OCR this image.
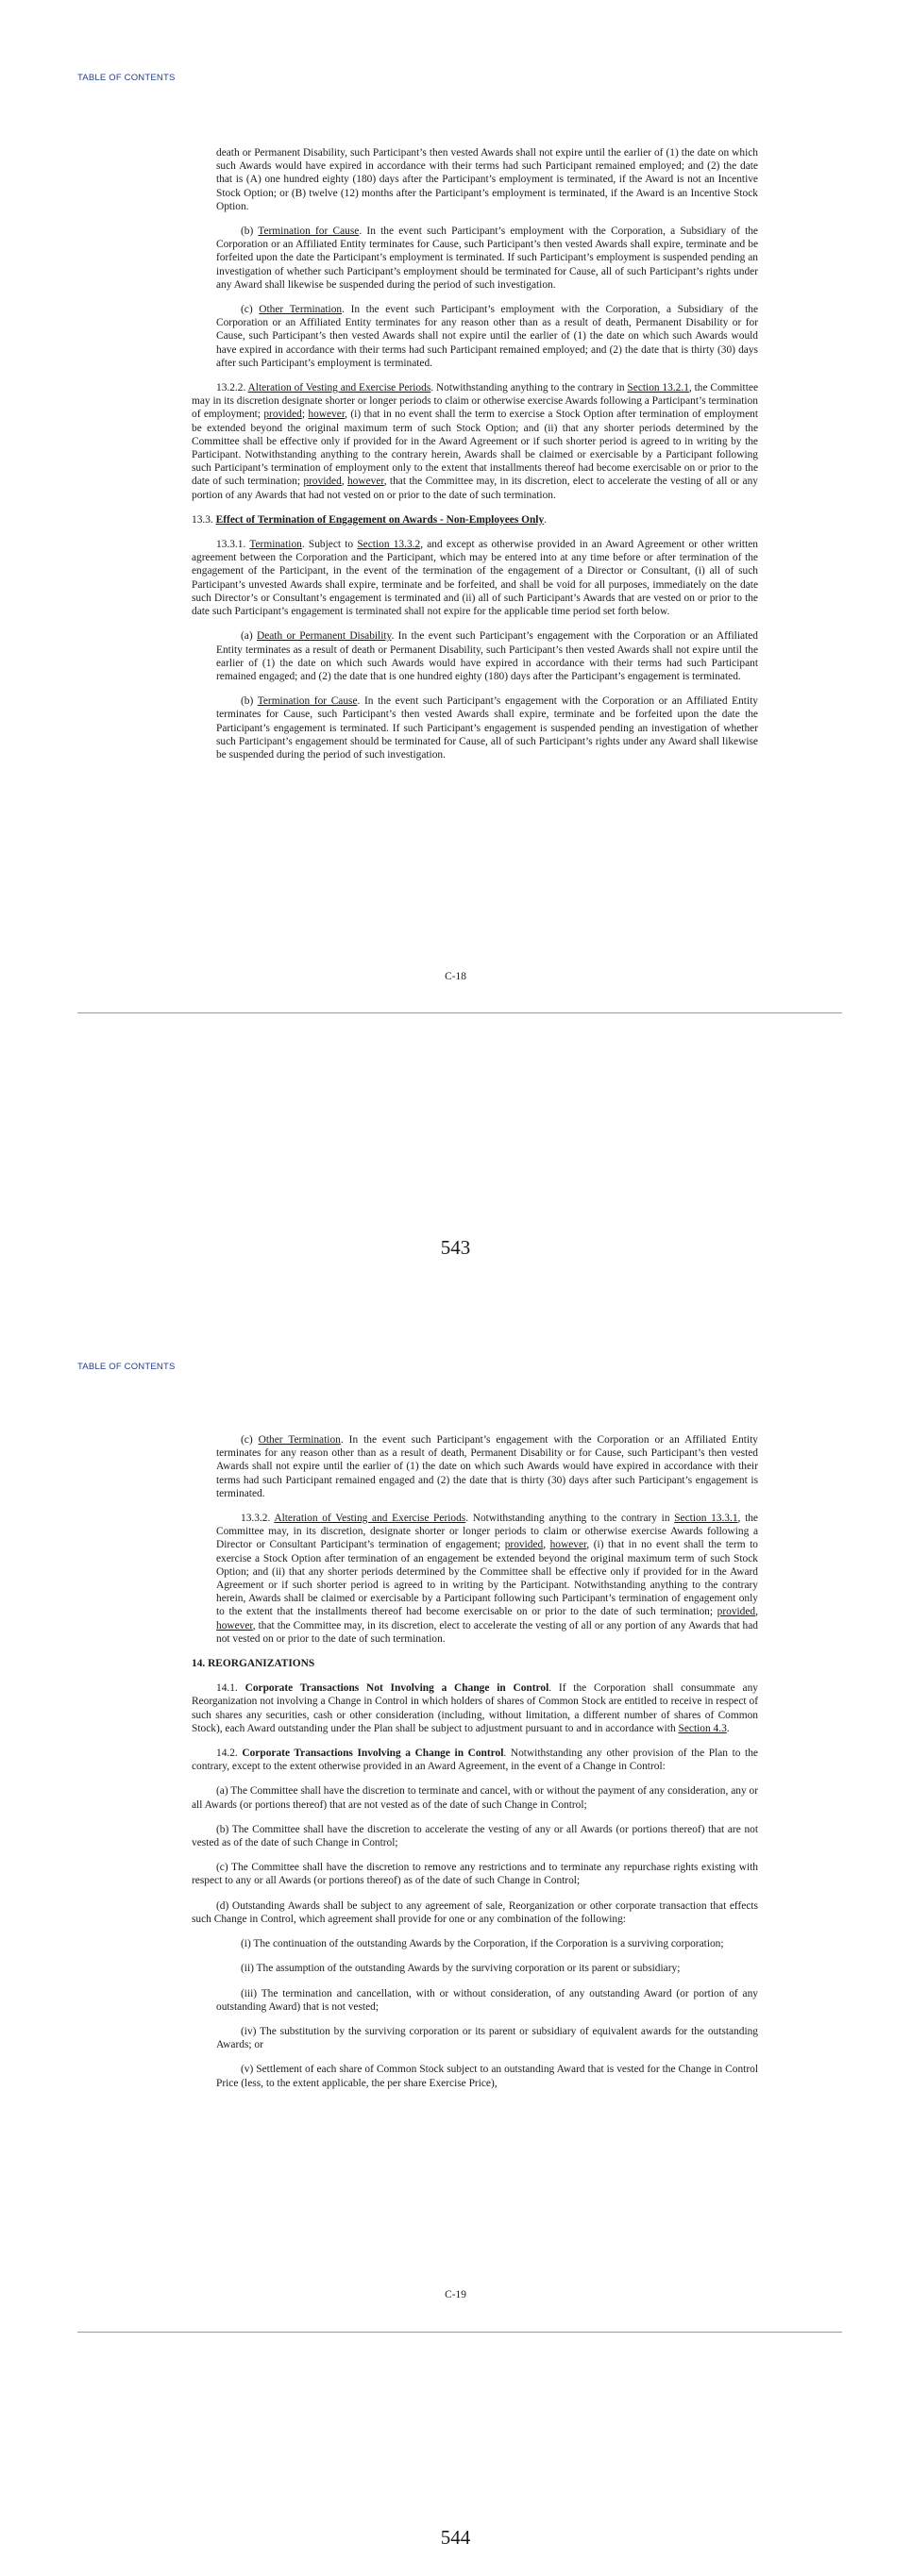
TABLE OF CONTENTS

death or Permanent Disability, such Participant’s then vested Awards shall not expire until the earlier of (1) the date on which such Awards would have expired in accordance with their terms had such Participant remained employed; and (2) the date that is (A) one hundred eighty (180) days after the Participant’s employment is terminated, if the Award is not an Incentive Stock Option; or (B) twelve (12) months after the Participant’s employment is terminated, if the Award is an Incentive Stock Option.

(b) Termination for Cause. In the event such Participant’s employment with the Corporation, a Subsidiary of the Corporation or an Affiliated Entity terminates for Cause, such Participant’s then vested Awards shall expire, terminate and be forfeited upon the date the Participant’s employment is terminated. If such Participant’s employment is suspended pending an investigation of whether such Participant’s employment should be terminated for Cause, all of such Participant’s rights under any Award shall likewise be suspended during the period of such investigation.

(c) Other Termination. In the event such Participant’s employment with the Corporation, a Subsidiary of the Corporation or an Affiliated Entity terminates for any reason other than as a result of death, Permanent Disability or for Cause, such Participant’s then vested Awards shall not expire until the earlier of (1) the date on which such Awards would have expired in accordance with their terms had such Participant remained employed; and (2) the date that is thirty (30) days after such Participant’s employment is terminated.

13.2.2. Alteration of Vesting and Exercise Periods. Notwithstanding anything to the contrary in Section 13.2.1, the Committee may in its discretion designate shorter or longer periods to claim or otherwise exercise Awards following a Participant’s termination of employment; provided; however, (i) that in no event shall the term to exercise a Stock Option after termination of employment be extended beyond the original maximum term of such Stock Option; and (ii) that any shorter periods determined by the Committee shall be effective only if provided for in the Award Agreement or if such shorter period is agreed to in writing by the Participant. Notwithstanding anything to the contrary herein, Awards shall be claimed or exercisable by a Participant following such Participant’s termination of employment only to the extent that installments thereof had become exercisable on or prior to the date of such termination; provided, however, that the Committee may, in its discretion, elect to accelerate the vesting of all or any portion of any Awards that had not vested on or prior to the date of such termination.

13.3. Effect of Termination of Engagement on Awards - Non-Employees Only.

13.3.1. Termination. Subject to Section 13.3.2, and except as otherwise provided in an Award Agreement or other written agreement between the Corporation and the Participant, which may be entered into at any time before or after termination of the engagement of the Participant, in the event of the termination of the engagement of a Director or Consultant, (i) all of such Participant’s unvested Awards shall expire, terminate and be forfeited, and shall be void for all purposes, immediately on the date such Director’s or Consultant’s engagement is terminated and (ii) all of such Participant’s Awards that are vested on or prior to the date such Participant’s engagement is terminated shall not expire for the applicable time period set forth below.

(a) Death or Permanent Disability. In the event such Participant’s engagement with the Corporation or an Affiliated Entity terminates as a result of death or Permanent Disability, such Participant’s then vested Awards shall not expire until the earlier of (1) the date on which such Awards would have expired in accordance with their terms had such Participant remained engaged; and (2) the date that is one hundred eighty (180) days after the Participant’s engagement is terminated.

(b) Termination for Cause. In the event such Participant’s engagement with the Corporation or an Affiliated Entity terminates for Cause, such Participant’s then vested Awards shall expire, terminate and be forfeited upon the date the Participant’s engagement is terminated. If such Participant’s engagement is suspended pending an investigation of whether such Participant’s engagement should be terminated for Cause, all of such Participant’s rights under any Award shall likewise be suspended during the period of such investigation.

C-18
543
TABLE OF CONTENTS

(c) Other Termination. In the event such Participant’s engagement with the Corporation or an Affiliated Entity terminates for any reason other than as a result of death, Permanent Disability or for Cause, such Participant’s then vested Awards shall not expire until the earlier of (1) the date on which such Awards would have expired in accordance with their terms had such Participant remained engaged and (2) the date that is thirty (30) days after such Participant’s engagement is terminated.

13.3.2. Alteration of Vesting and Exercise Periods. Notwithstanding anything to the contrary in Section 13.3.1, the Committee may, in its discretion, designate shorter or longer periods to claim or otherwise exercise Awards following a Director or Consultant Participant’s termination of engagement; provided, however, (i) that in no event shall the term to exercise a Stock Option after termination of an engagement be extended beyond the original maximum term of such Stock Option; and (ii) that any shorter periods determined by the Committee shall be effective only if provided for in the Award Agreement or if such shorter period is agreed to in writing by the Participant. Notwithstanding anything to the contrary herein, Awards shall be claimed or exercisable by a Participant following such Participant’s termination of engagement only to the extent that the installments thereof had become exercisable on or prior to the date of such termination; provided, however, that the Committee may, in its discretion, elect to accelerate the vesting of all or any portion of any Awards that had not vested on or prior to the date of such termination.

14. REORGANIZATIONS

14.1. Corporate Transactions Not Involving a Change in Control. If the Corporation shall consummate any Reorganization not involving a Change in Control in which holders of shares of Common Stock are entitled to receive in respect of such shares any securities, cash or other consideration (including, without limitation, a different number of shares of Common Stock), each Award outstanding under the Plan shall be subject to adjustment pursuant to and in accordance with Section 4.3.

14.2. Corporate Transactions Involving a Change in Control. Notwithstanding any other provision of the Plan to the contrary, except to the extent otherwise provided in an Award Agreement, in the event of a Change in Control:

(a) The Committee shall have the discretion to terminate and cancel, with or without the payment of any consideration, any or all Awards (or portions thereof) that are not vested as of the date of such Change in Control;

(b) The Committee shall have the discretion to accelerate the vesting of any or all Awards (or portions thereof) that are not vested as of the date of such Change in Control;

(c) The Committee shall have the discretion to remove any restrictions and to terminate any repurchase rights existing with respect to any or all Awards (or portions thereof) as of the date of such Change in Control;

(d) Outstanding Awards shall be subject to any agreement of sale, Reorganization or other corporate transaction that effects such Change in Control, which agreement shall provide for one or any combination of the following:

(i) The continuation of the outstanding Awards by the Corporation, if the Corporation is a surviving corporation;

(ii) The assumption of the outstanding Awards by the surviving corporation or its parent or subsidiary;

(iii) The termination and cancellation, with or without consideration, of any outstanding Award (or portion of any outstanding Award) that is not vested;

(iv) The substitution by the surviving corporation or its parent or subsidiary of equivalent awards for the outstanding Awards; or

(v) Settlement of each share of Common Stock subject to an outstanding Award that is vested for the Change in Control Price (less, to the extent applicable, the per share Exercise Price),

C-19
544
